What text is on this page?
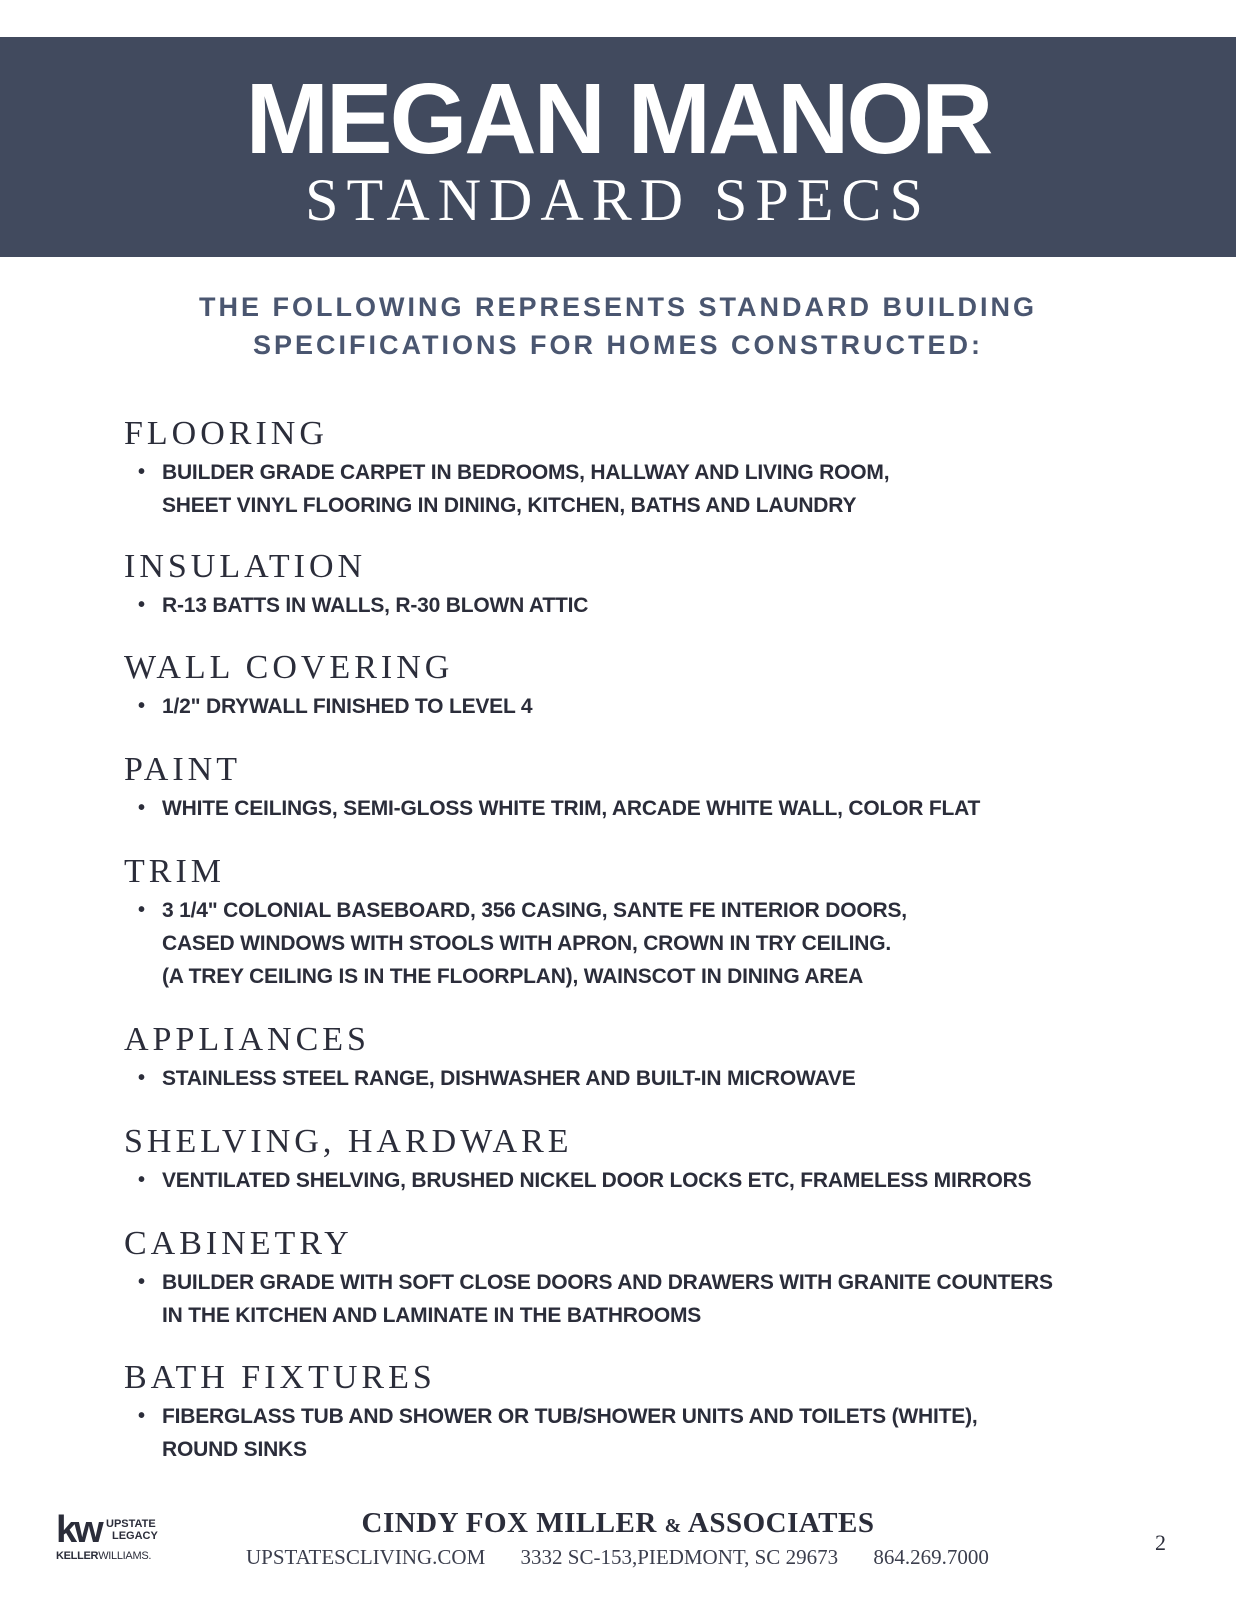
MEGAN MANOR
STANDARD SPECS
THE FOLLOWING REPRESENTS STANDARD BUILDING
SPECIFICATIONS FOR HOMES CONSTRUCTED:
FLOORING
• BUILDER GRADE CARPET IN BEDROOMS, HALLWAY AND LIVING ROOM,
SHEET VINYL FLOORING IN DINING, KITCHEN, BATHS AND LAUNDRY
INSULATION
• R-13 BATTS IN WALLS, R-30 BLOWN ATTIC
WALL COVERING
• 1/2" DRYWALL FINISHED TO LEVEL 4
PAINT
• WHITE CEILINGS, SEMI-GLOSS WHITE TRIM, ARCADE WHITE WALL, COLOR FLAT
TRIM
• 3 1/4" COLONIAL BASEBOARD, 356 CASING, SANTE FE INTERIOR DOORS,
CASED WINDOWS WITH STOOLS WITH APRON, CROWN IN TRY CEILING.
(A TREY CEILING IS IN THE FLOORPLAN), WAINSCOT IN DINING AREA
APPLIANCES
• STAINLESS STEEL RANGE, DISHWASHER AND BUILT-IN MICROWAVE
SHELVING, HARDWARE
• VENTILATED SHELVING, BRUSHED NICKEL DOOR LOCKS ETC, FRAMELESS MIRRORS
CABINETRY
• BUILDER GRADE WITH SOFT CLOSE DOORS AND DRAWERS WITH GRANITE COUNTERS
IN THE KITCHEN AND LAMINATE IN THE BATHROOMS
BATH FIXTURES
• FIBERGLASS TUB AND SHOWER OR TUB/SHOWER UNITS AND TOILETS (WHITE),
ROUND SINKS
kw UPSTATE
LEGACY
KELLERWILLIAMS.
CINDY FOX MILLER & ASSOCIATES
UPSTATESCLIVING.COM 3332 SC-153,PIEDMONT, SC 29673 864.269.7000
2
